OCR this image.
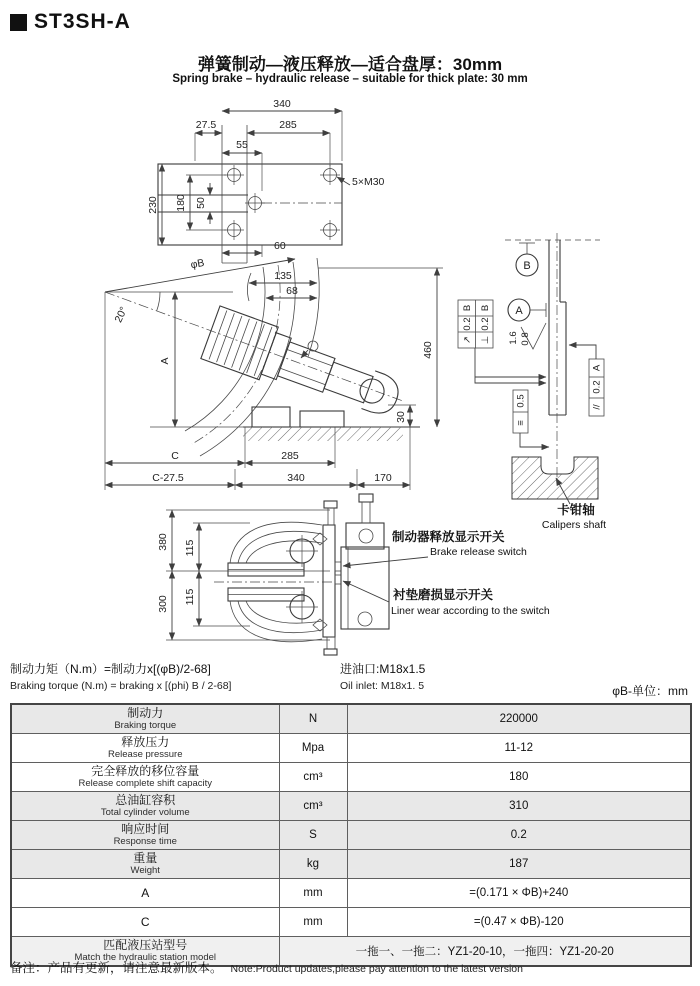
ST3SH-A
弹簧制动—液压释放—适合盘厚：30mm
Spring brake – hydraulic release – suitable for thick plate: 30 mm
340
27.5	285
55
230 180 50
60
5×M30
φB
20°
A
460
30
135
68
C	285
C-27.5	340	170
B
A
B
0.2
↗
B
0.2
⊥ 1.6 0.8
A
0.2
//
0.5
≡
卡钳轴
Calipers shaft
380 115
300 115
制动器释放显示开关
Brake release switch
衬垫磨损显示开关
Liner wear according to the switch
制动力矩（N.m）=制动力x[(φB)/2-68]
Braking torque (N.m) = braking x [(phi) B / 2-68]
进油口:M18x1.5
Oil inlet: M18x1. 5	φB-单位：mm
制动力
Braking torque	N	220000

释放压力
Release pressure	Mpa	11-12

完全释放的移位容量
Release complete shift capacity	cm³	180

总油缸容积
Total cylinder volume	cm³	310

响应时间
Response time	S	0.2

重量
Weight	kg	187

A	mm	=(0.171 × ΦB)+240

C	mm	=(0.47 × ΦB)-120

匹配液压站型号
Match the hydraulic station model	一拖一、一拖二：YZ1-20-10，一拖四：YZ1-20-20	
备注：产品有更新，请注意最新版本。 Note:Product updates,please pay attention to the latest version
